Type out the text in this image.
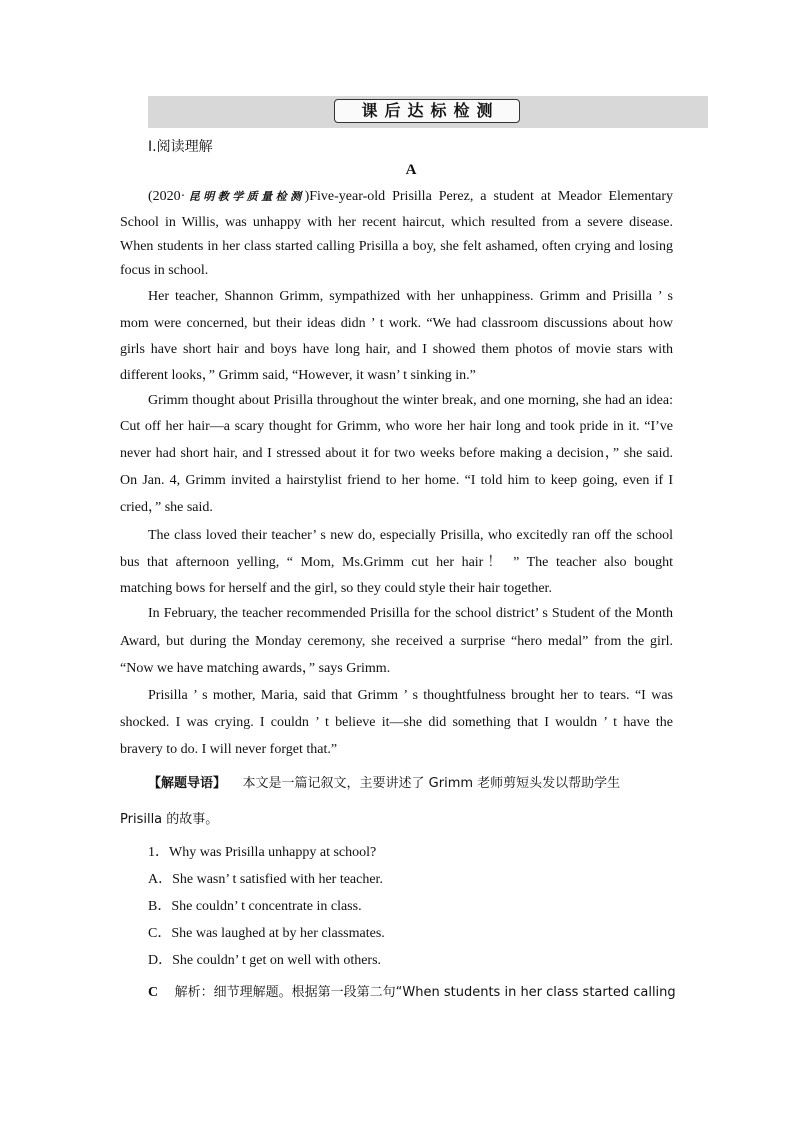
课后达标检测
Ⅰ.阅读理解
A
(2020·昆明教学质量检测)Five-year-old Prisilla Perez, a student at Meador Elementary
School in Willis, was unhappy with her recent haircut, which resulted from a severe disease.
When students in her class started calling Prisilla a boy, she felt ashamed, often crying and losing
focus in school.
Her teacher, Shannon Grimm, sympathized with her unhappiness. Grimm and Prisilla ’ s
mom were concerned, but their ideas didn ’ t work. “We had classroom discussions about how
girls have short hair and boys have long hair, and I showed them photos of movie stars with
different looks，” Grimm said, “However, it wasn’ t sinking in.”
Grimm thought about Prisilla throughout the winter break, and one morning, she had an idea:
Cut off her hair—a scary thought for Grimm, who wore her hair long and took pride in it. “I’ve
never had short hair, and I stressed about it for two weeks before making a decision，” she said.
On Jan. 4, Grimm invited a hairstylist friend to her home. “I told him to keep going, even if I
cried，” she said.
The class loved their teacher’ s new do, especially Prisilla, who excitedly ran off the school
bus that afternoon yelling, “ Mom, Ms.Grimm cut her hair！ ” The teacher also bought
matching bows for herself and the girl, so they could style their hair together.
In February, the teacher recommended Prisilla for the school district’ s Student of the Month
Award, but during the Monday ceremony, she received a surprise “hero medal” from the girl.
“Now we have matching awards，” says Grimm.
Prisilla ’ s mother, Maria, said that Grimm ’ s thoughtfulness brought her to tears. “I was
shocked. I was crying. I couldn ’ t believe it—she did something that I wouldn ’ t have the
bravery to do. I will never forget that.”
【解题导语】 本文是一篇记叙文，主要讲述了 Grimm 老师剪短头发以帮助学生
Prisilla 的故事。
1．Why was Prisilla unhappy at school?
A．She wasn’ t satisfied with her teacher.
B．She couldn’ t concentrate in class.
C．She was laughed at by her classmates.
D．She couldn’ t get on well with others.
C 解析：细节理解题。根据第一段第二句“When students in her class started calling
